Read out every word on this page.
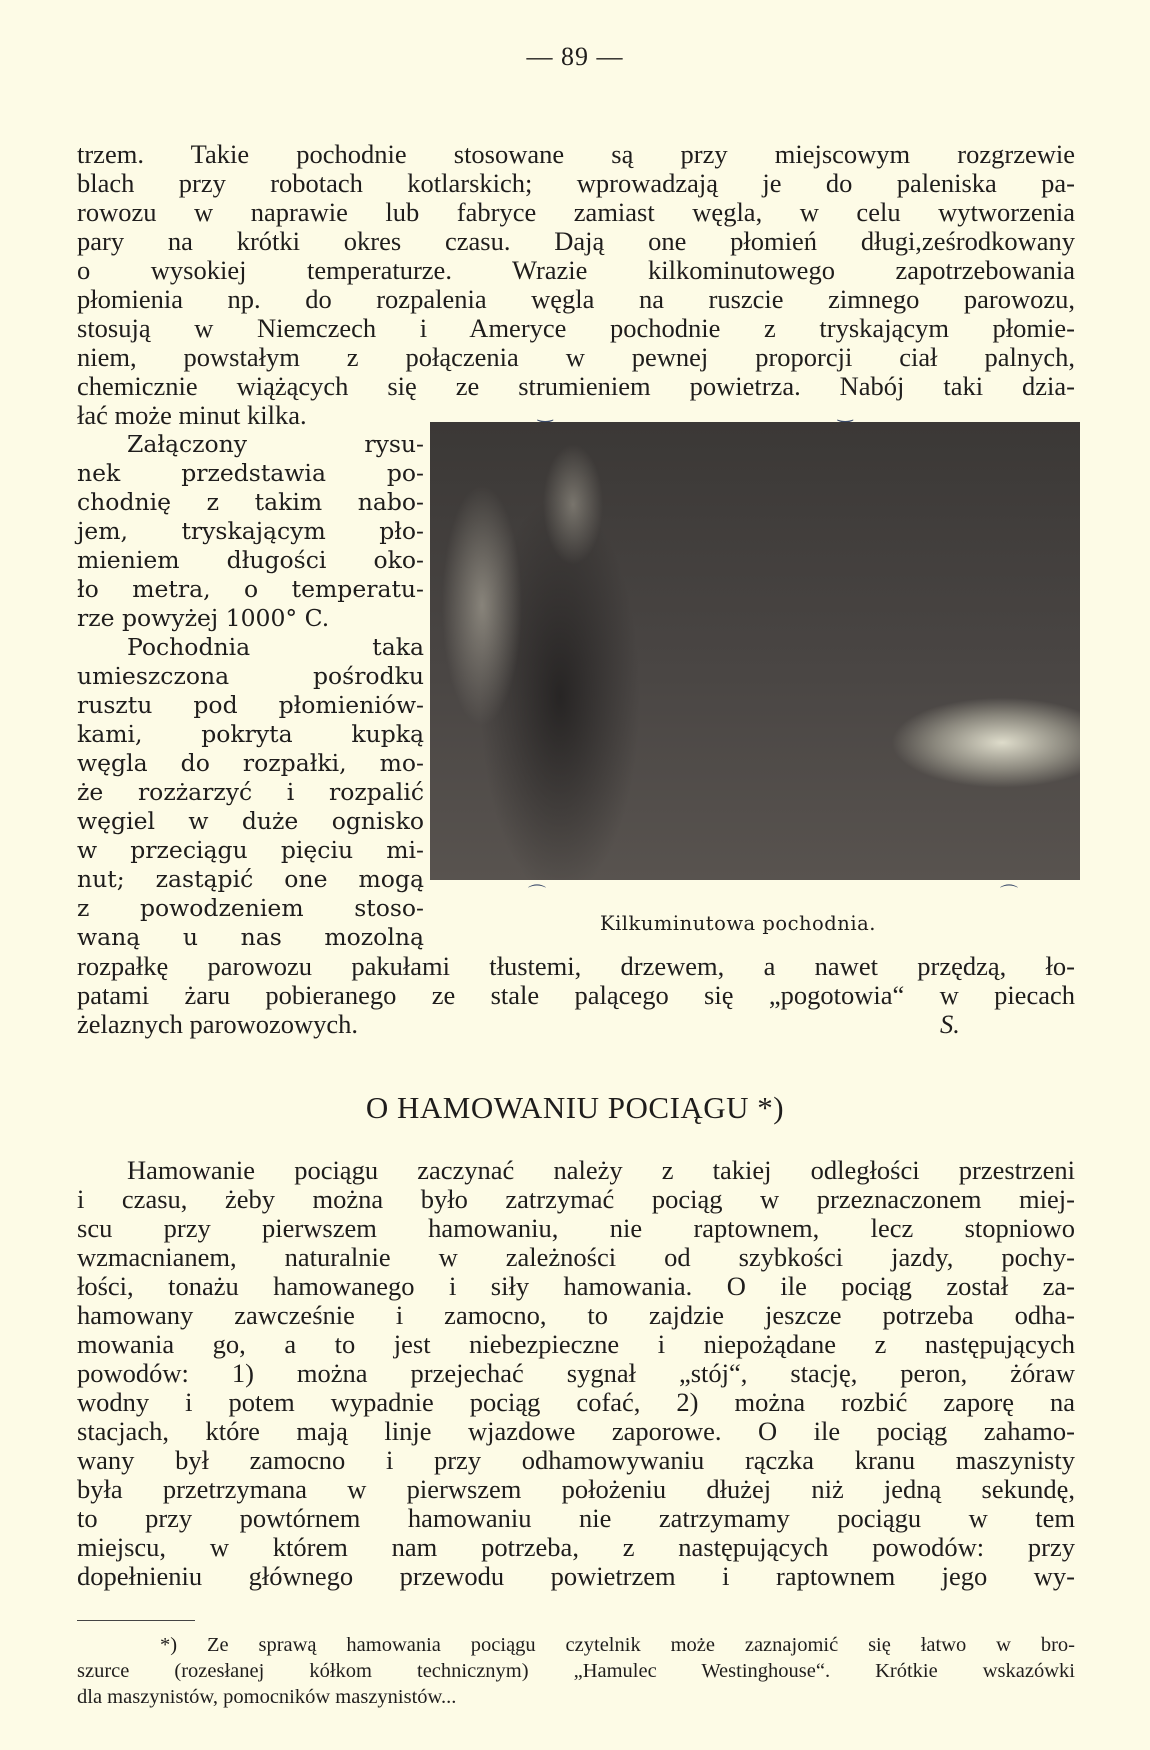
— 89 —
trzem. Takie pochodnie stosowane są przy miejscowym rozgrzewie
blach przy robotach kotlarskich; wprowadzają je do paleniska pa-
rowozu w naprawie lub fabryce zamiast węgla, w celu wytworzenia
pary na krótki okres czasu. Dają one płomień długi,ześrodkowany
o wysokiej temperaturze. Wrazie kilkominutowego zapotrzebowania
płomienia np. do rozpalenia węgla na ruszcie zimnego parowozu,
stosują w Niemczech i Ameryce pochodnie z tryskającym płomie-
niem, powstałym z połączenia w pewnej proporcji ciał palnych,
chemicznie wiążących się ze strumieniem powietrza. Nabój taki dzia-
łać może minut kilka.
Załączony rysu-
nek przedstawia po-
chodnię z takim nabo-
jem, tryskającym pło-
mieniem długości oko-
ło metra, o temperatu-
rze powyżej 1000° C.
Pochodnia taka
umieszczona pośrodku
rusztu pod płomieniów-
kami, pokryta kupką
węgla do rozpałki, mo-
że rozżarzyć i rozpalić
węgiel w duże ognisko
w przeciągu pięciu mi-
nut; zastąpić one mogą
z powodzeniem stoso-
waną u nas mozolną
‿	‿
⌒	⌒
Kilkuminutowa pochodnia.
rozpałkę parowozu pakułami tłustemi, drzewem, a nawet przędzą, ło-
patami żaru pobieranego ze stale palącego się „pogotowia“ w piecach
żelaznych parowozowych.	S.
O HAMOWANIU POCIĄGU *)
Hamowanie pociągu zaczynać należy z takiej odległości przestrzeni
i czasu, żeby można było zatrzymać pociąg w przeznaczonem miej-
scu przy pierwszem hamowaniu, nie raptownem, lecz stopniowo
wzmacnianem, naturalnie w zależności od szybkości jazdy, pochy-
łości, tonażu hamowanego i siły hamowania. O ile pociąg został za-
hamowany zawcześnie i zamocno, to zajdzie jeszcze potrzeba odha-
mowania go, a to jest niebezpieczne i niepożądane z następujących
powodów: 1) można przejechać sygnał „stój“, stację, peron, żóraw
wodny i potem wypadnie pociąg cofać, 2) można rozbić zaporę na
stacjach, które mają linje wjazdowe zaporowe. O ile pociąg zahamo-
wany był zamocno i przy odhamowywaniu rączka kranu maszynisty
była przetrzymana w pierwszem położeniu dłużej niż jedną sekundę,
to przy powtórnem hamowaniu nie zatrzymamy pociągu w tem
miejscu, w którem nam potrzeba, z następujących powodów: przy
dopełnieniu głównego przewodu powietrzem i raptownem jego wy-
*) Ze sprawą hamowania pociągu czytelnik może zaznajomić się łatwo w bro-
szurce (rozesłanej kółkom technicznym) „Hamulec Westinghouse“. Krótkie wskazówki
dla maszynistów, pomocników maszynistów...
